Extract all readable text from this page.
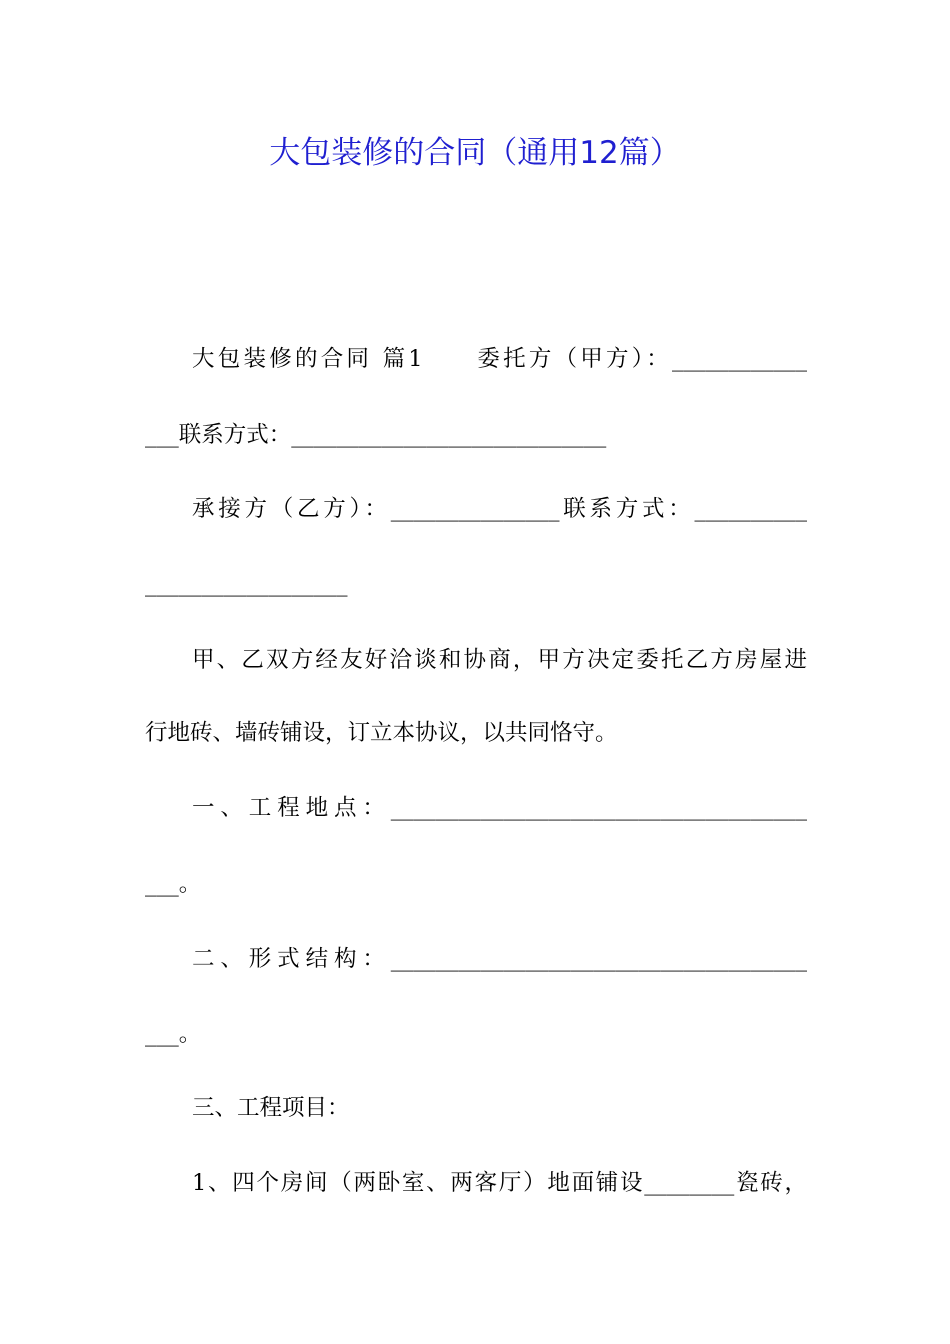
大包装修的合同（通用12篇）
大包装修的合同 篇1　　委托方（甲方）：____________
___联系方式：____________________________
承接方（乙方）：_______________联系方式：__________
__________________
甲、乙双方经友好洽谈和协商，甲方决定委托乙方房屋进
行地砖、墙砖铺设，订立本协议，以共同恪守。
一、工程地点：_____________________________________
___。
二、形式结构：_____________________________________
___。
三、工程项目：
1、四个房间（两卧室、两客厅）地面铺设________瓷砖，
